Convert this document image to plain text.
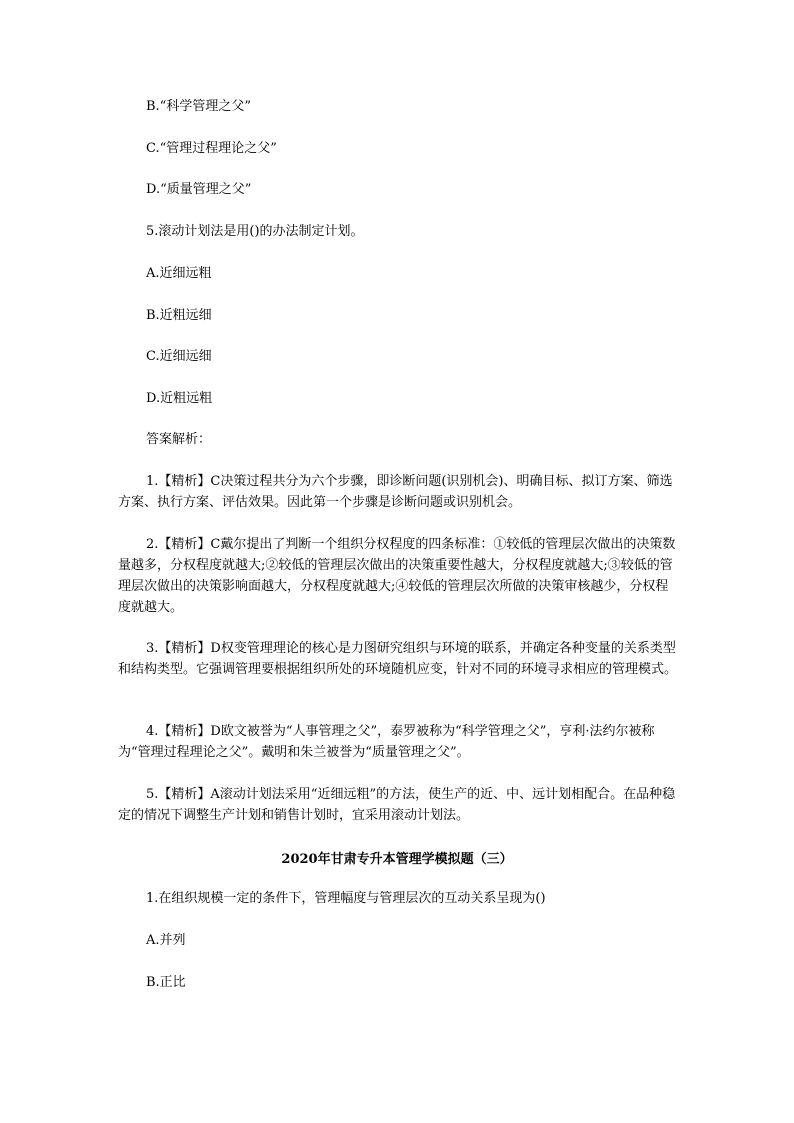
B.“科学管理之父”

C.“管理过程理论之父”

D.“质量管理之父”

5.滚动计划法是用()的办法制定计划。

A.近细远粗

B.近粗远细

C.近细远细

D.近粗远粗

答案解析：

1.【精析】C决策过程共分为六个步骤，即诊断问题(识别机会)、明确目标、拟订方案、筛选方案、执行方案、评估效果。因此第一个步骤是诊断问题或识别机会。

2.【精析】C戴尔提出了判断一个组织分权程度的四条标准：①较低的管理层次做出的决策数量越多，分权程度就越大;②较低的管理层次做出的决策重要性越大，分权程度就越大;③较低的管理层次做出的决策影响面越大，分权程度就越大;④较低的管理层次所做的决策审核越少，分权程度就越大。

3.【精析】D权变管理理论的核心是力图研究组织与环境的联系，并确定各种变量的关系类型和结构类型。它强调管理要根据组织所处的环境随机应变，针对不同的环境寻求相应的管理模式。

4.【精析】D欧文被誉为“人事管理之父”，泰罗被称为“科学管理之父”，亨利·法约尔被称为“管理过程理论之父”。戴明和朱兰被誉为“质量管理之父”。

5.【精析】A滚动计划法采用“近细远粗”的方法，使生产的近、中、远计划相配合。在品种稳定的情况下调整生产计划和销售计划时，宜采用滚动计划法。

2020年甘肃专升本管理学模拟题（三）

1.在组织规模一定的条件下，管理幅度与管理层次的互动关系呈现为()

A.并列

B.正比
